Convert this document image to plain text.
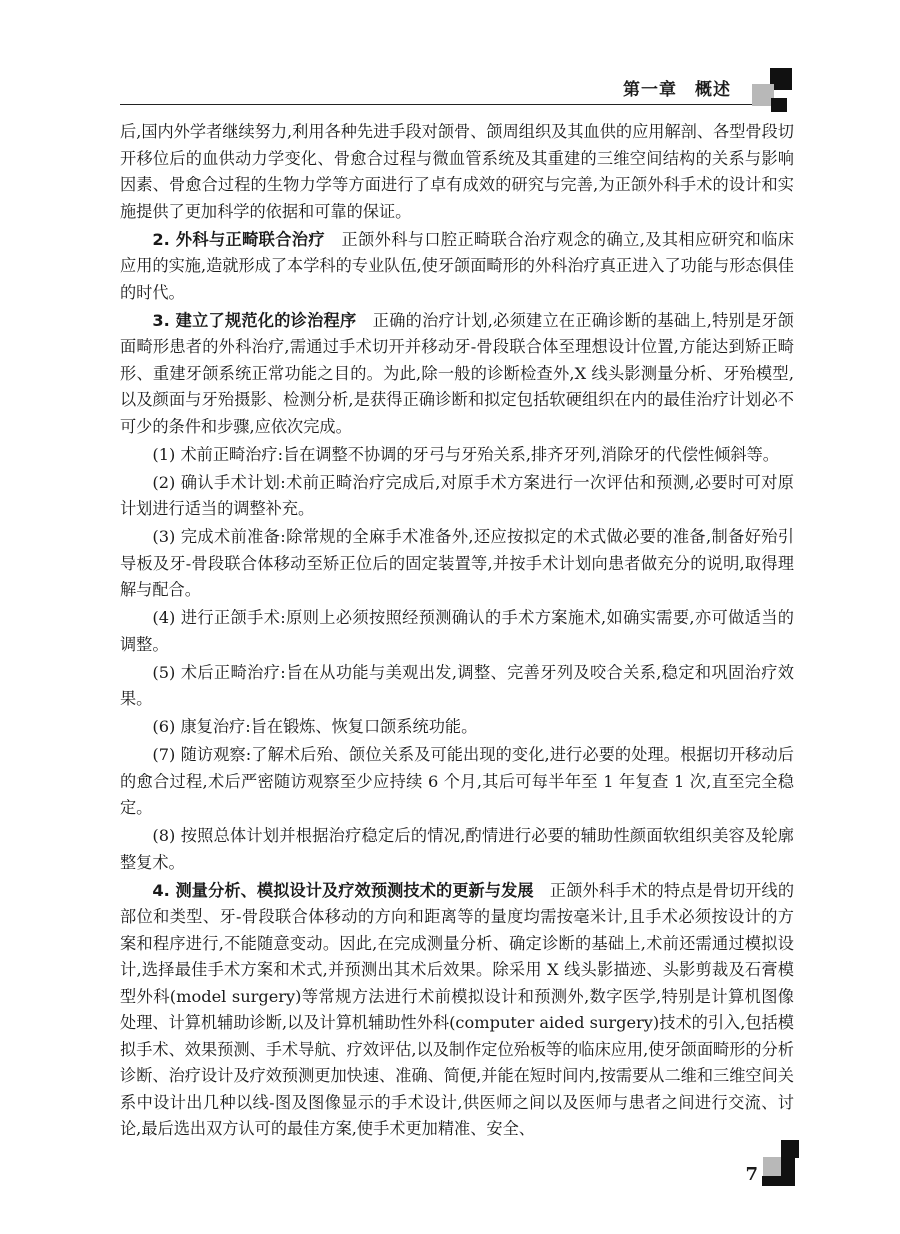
第一章　概述

后,国内外学者继续努力,利用各种先进手段对颌骨、颌周组织及其血供的应用解剖、各型骨段切开移位后的血供动力学变化、骨愈合过程与微血管系统及其重建的三维空间结构的关系与影响因素、骨愈合过程的生物力学等方面进行了卓有成效的研究与完善,为正颌外科手术的设计和实施提供了更加科学的依据和可靠的保证。

2. 外科与正畸联合治疗　正颌外科与口腔正畸联合治疗观念的确立,及其相应研究和临床应用的实施,造就形成了本学科的专业队伍,使牙颌面畸形的外科治疗真正进入了功能与形态俱佳的时代。

3. 建立了规范化的诊治程序　正确的治疗计划,必须建立在正确诊断的基础上,特别是牙颌面畸形患者的外科治疗,需通过手术切开并移动牙-骨段联合体至理想设计位置,方能达到矫正畸形、重建牙颌系统正常功能之目的。为此,除一般的诊断检查外,X 线头影测量分析、牙殆模型,以及颜面与牙殆摄影、检测分析,是获得正确诊断和拟定包括软硬组织在内的最佳治疗计划必不可少的条件和步骤,应依次完成。

(1) 术前正畸治疗:旨在调整不协调的牙弓与牙殆关系,排齐牙列,消除牙的代偿性倾斜等。

(2) 确认手术计划:术前正畸治疗完成后,对原手术方案进行一次评估和预测,必要时可对原计划进行适当的调整补充。

(3) 完成术前准备:除常规的全麻手术准备外,还应按拟定的术式做必要的准备,制备好殆引导板及牙-骨段联合体移动至矫正位后的固定装置等,并按手术计划向患者做充分的说明,取得理解与配合。

(4) 进行正颌手术:原则上必须按照经预测确认的手术方案施术,如确实需要,亦可做适当的调整。

(5) 术后正畸治疗:旨在从功能与美观出发,调整、完善牙列及咬合关系,稳定和巩固治疗效果。

(6) 康复治疗:旨在锻炼、恢复口颌系统功能。

(7) 随访观察:了解术后殆、颌位关系及可能出现的变化,进行必要的处理。根据切开移动后的愈合过程,术后严密随访观察至少应持续 6 个月,其后可每半年至 1 年复查 1 次,直至完全稳定。

(8) 按照总体计划并根据治疗稳定后的情况,酌情进行必要的辅助性颜面软组织美容及轮廓整复术。

4. 测量分析、模拟设计及疗效预测技术的更新与发展　正颌外科手术的特点是骨切开线的部位和类型、牙-骨段联合体移动的方向和距离等的量度均需按毫米计,且手术必须按设计的方案和程序进行,不能随意变动。因此,在完成测量分析、确定诊断的基础上,术前还需通过模拟设计,选择最佳手术方案和术式,并预测出其术后效果。除采用 X 线头影描迹、头影剪裁及石膏模型外科(model surgery)等常规方法进行术前模拟设计和预测外,数字医学,特别是计算机图像处理、计算机辅助诊断,以及计算机辅助性外科(computer aided surgery)技术的引入,包括模拟手术、效果预测、手术导航、疗效评估,以及制作定位殆板等的临床应用,使牙颌面畸形的分析诊断、治疗设计及疗效预测更加快速、准确、简便,并能在短时间内,按需要从二维和三维空间关系中设计出几种以线-图及图像显示的手术设计,供医师之间以及医师与患者之间进行交流、讨论,最后选出双方认可的最佳方案,使手术更加精准、安全、

7
